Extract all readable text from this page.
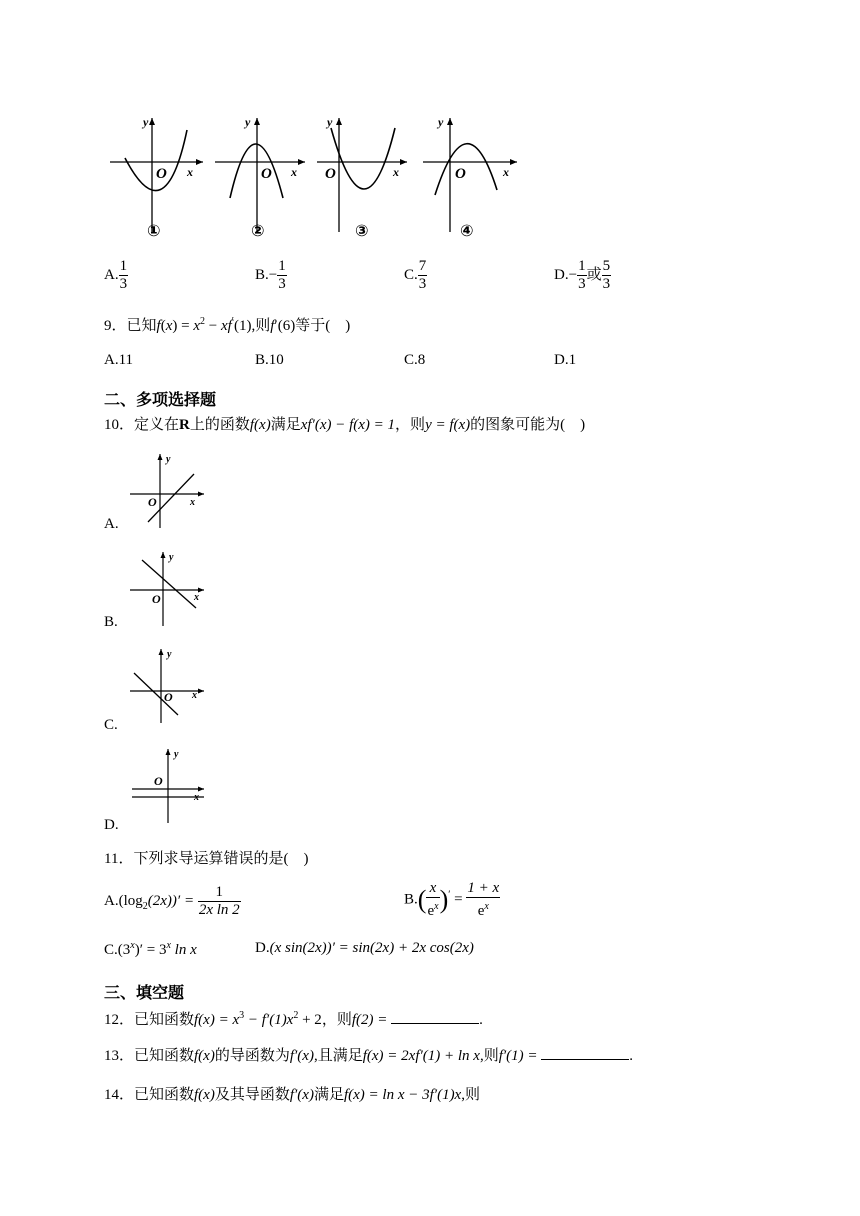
y
x
O
①
y
x
O
②
y
x
O
③
y
x
O
④
A. $\frac{1}{3}$	$B.- \frac{1}{3}$	C. $\frac{7}{3}$	$D.- \frac{1}{3}$ 或 $\frac{5}{3}$
9．已知$f(x) = x^2 - xf'(1)$,则f′(6)等于(　)
A.11	B.10	C.8	D.1
二、多项选择题
10．定义在R上的函数f(x)满足xf′(x) − f(x) = 1，则y = f(x)的图象可能为(　)
A.
y
x
O
B.
y
x
O
C.
y
x
O
D.
y
x
O
11．下列求导运算错误的是(　)
$A.(\log_2(2x))' = \frac{1}{\text{2x ln 2}}$	$B.( \frac{x}{e^x} )' = \frac{1 + x}{e^x}$
$C.(3^x)' = 3^x$ ln x	D.(x sin(2x))′ = sin(2x) + 2x cos(2x)
三、填空题
12．已知函数$f(x) = x^3 - f'(1)x^2 + 2$，则f(2) =	.
13．已知函数f(x)的导函数为f′(x),且满足f(x) = 2xf′(1) + ln x,则f′(1) =	.
14．已知函数f(x)及其导函数f′(x)满足f(x) = ln x − 3f′(1)x,则
